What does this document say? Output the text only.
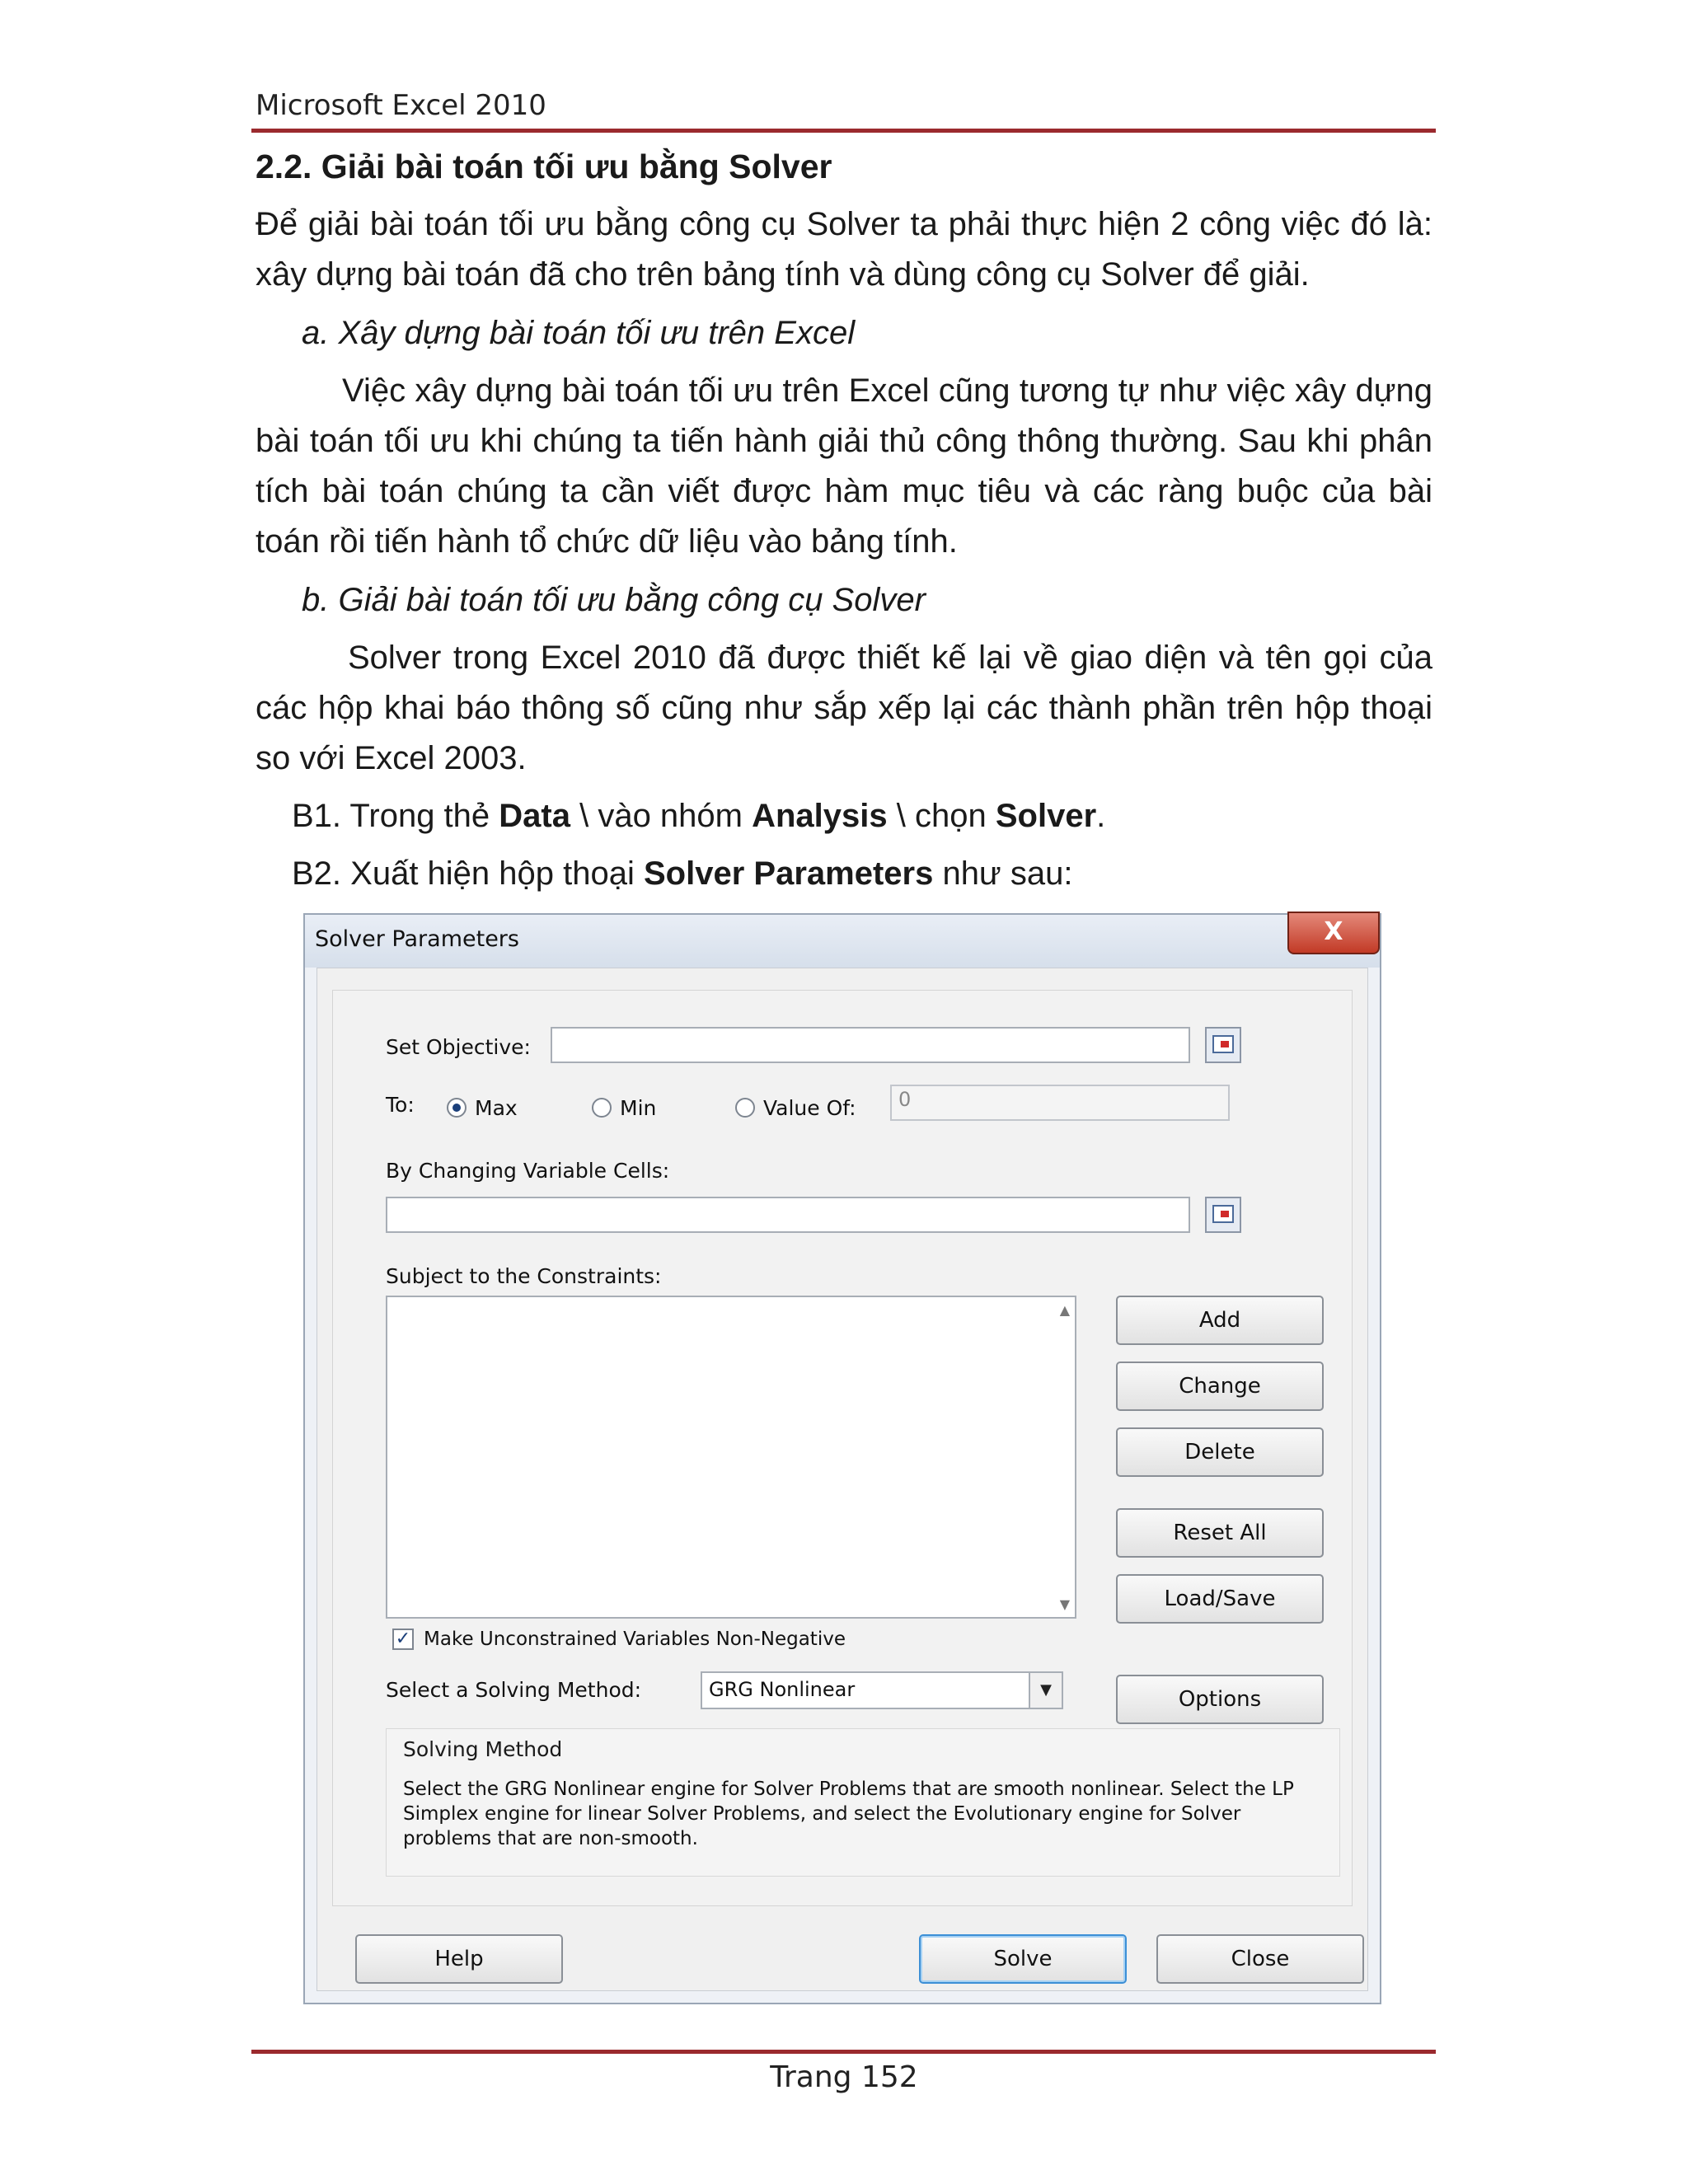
Microsoft Excel 2010
2.2. Giải bài toán tối ưu bằng Solver
Để giải bài toán tối ưu bằng công cụ Solver ta phải thực hiện 2 công việc đó là: xây dựng bài toán đã cho trên bảng tính và dùng công cụ Solver để giải.
a. Xây dựng bài toán tối ưu trên Excel
Việc xây dựng bài toán tối ưu trên Excel cũng tương tự như việc xây dựng bài toán tối ưu khi chúng ta tiến hành giải thủ công thông thường. Sau khi phân tích bài toán chúng ta cần viết được hàm mục tiêu và các ràng buộc của bài toán rồi tiến hành tổ chức dữ liệu vào bảng tính.
b. Giải bài toán tối ưu bằng công cụ Solver
Solver trong Excel 2010 đã được thiết kế lại về giao diện và tên gọi của các hộp khai báo thông số cũng như sắp xếp lại các thành phần trên hộp thoại so với Excel 2003.
B1. Trong thẻ Data \ vào nhóm Analysis \ chọn Solver.
B2. Xuất hiện hộp thoại Solver Parameters như sau:
Solver Parameters	X
Set Objective:
To:	Max	Min	Value Of:	0
By Changing Variable Cells:
Subject to the Constraints:
▲
▼
Add
Change
Delete
Reset All
Load/Save
✓ Make Unconstrained Variables Non-Negative
Select a Solving Method:	GRG Nonlinear	▼	Options
Solving Method
Select the GRG Nonlinear engine for Solver Problems that are smooth nonlinear. Select the LP Simplex engine for linear Solver Problems, and select the Evolutionary engine for Solver problems that are non-smooth.
Help	Solve	Close
Trang 152
